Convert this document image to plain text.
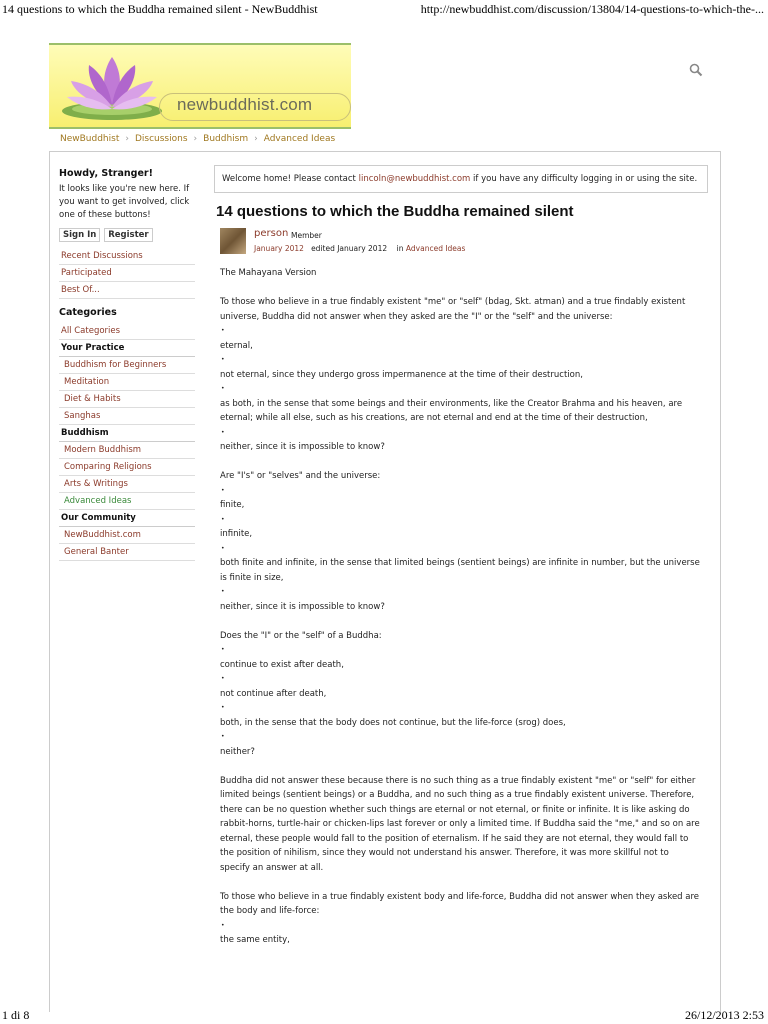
14 questions to which the Buddha remained silent - NewBuddhist	http://newbuddhist.com/discussion/13804/14-questions-to-which-the-...
newbuddhist.com
NewBuddhist › Discussions › Buddhism › Advanced Ideas
Howdy, Stranger!
It looks like you're new here. If you want to get involved, click one of these buttons!
Sign In Register
Recent Discussions
Participated
Best Of...
Categories
All Categories
Your Practice
Buddhism for Beginners
Meditation
Diet & Habits
Sanghas
Buddhism
Modern Buddhism
Comparing Religions
Arts & Writings
Advanced Ideas
Our Community
NewBuddhist.com
General Banter
Welcome home! Please contact lincoln@newbuddhist.com if you have any difficulty logging in or using the site.
14 questions to which the Buddha remained silent
person Member
January 2012 edited January 2012 in Advanced Ideas
The Mahayana Version
To those who believe in a true findably existent "me" or "self" (bdag, Skt. atman) and a true findably existent universe, Buddha did not answer when they asked are the "I" or the "self" and the universe:
•
eternal,
•
not eternal, since they undergo gross impermanence at the time of their destruction,
•
as both, in the sense that some beings and their environments, like the Creator Brahma and his heaven, are eternal; while all else, such as his creations, are not eternal and end at the time of their destruction,
•
neither, since it is impossible to know?
Are "I's" or "selves" and the universe:
•
finite,
•
infinite,
•
both finite and infinite, in the sense that limited beings (sentient beings) are infinite in number, but the universe is finite in size,
•
neither, since it is impossible to know?
Does the "I" or the "self" of a Buddha:
•
continue to exist after death,
•
not continue after death,
•
both, in the sense that the body does not continue, but the life-force (srog) does,
•
neither?
Buddha did not answer these because there is no such thing as a true findably existent "me" or "self" for either limited beings (sentient beings) or a Buddha, and no such thing as a true findably existent universe. Therefore, there can be no question whether such things are eternal or not eternal, or finite or infinite. It is like asking do rabbit-horns, turtle-hair or chicken-lips last forever or only a limited time. If Buddha said the "me," and so on are eternal, these people would fall to the position of eternalism. If he said they are not eternal, they would fall to the position of nihilism, since they would not understand his answer. Therefore, it was more skillful not to specify an answer at all.
To those who believe in a true findably existent body and life-force, Buddha did not answer when they asked are the body and life-force:
•
the same entity,
1 di 8	26/12/2013 2:53
